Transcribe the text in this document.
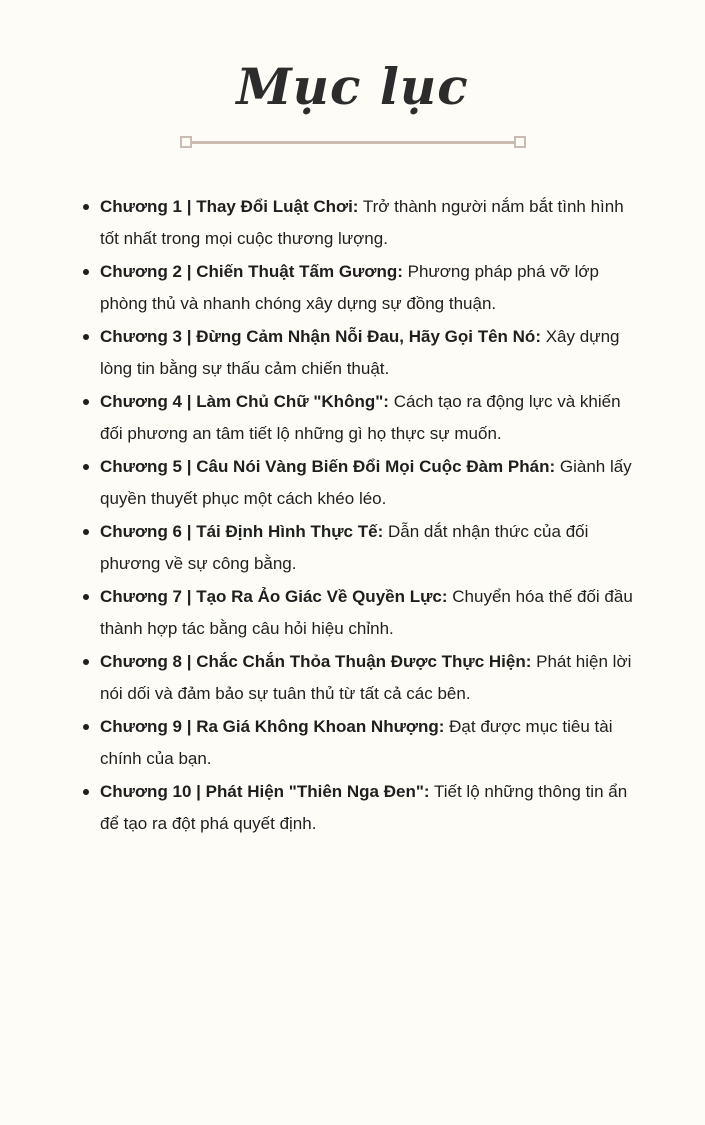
Mục lục
Chương 1 | Thay Đổi Luật Chơi: Trở thành người nắm bắt tình hình tốt nhất trong mọi cuộc thương lượng.
Chương 2 | Chiến Thuật Tấm Gương: Phương pháp phá vỡ lớp phòng thủ và nhanh chóng xây dựng sự đồng thuận.
Chương 3 | Đừng Cảm Nhận Nỗi Đau, Hãy Gọi Tên Nó: Xây dựng lòng tin bằng sự thấu cảm chiến thuật.
Chương 4 | Làm Chủ Chữ "Không": Cách tạo ra động lực và khiến đối phương an tâm tiết lộ những gì họ thực sự muốn.
Chương 5 | Câu Nói Vàng Biến Đổi Mọi Cuộc Đàm Phán: Giành lấy quyền thuyết phục một cách khéo léo.
Chương 6 | Tái Định Hình Thực Tế: Dẫn dắt nhận thức của đối phương về sự công bằng.
Chương 7 | Tạo Ra Ảo Giác Về Quyền Lực: Chuyển hóa thế đối đầu thành hợp tác bằng câu hỏi hiệu chỉnh.
Chương 8 | Chắc Chắn Thỏa Thuận Được Thực Hiện: Phát hiện lời nói dối và đảm bảo sự tuân thủ từ tất cả các bên.
Chương 9 | Ra Giá Không Khoan Nhượng: Đạt được mục tiêu tài chính của bạn.
Chương 10 | Phát Hiện "Thiên Nga Đen": Tiết lộ những thông tin ẩn để tạo ra đột phá quyết định.
